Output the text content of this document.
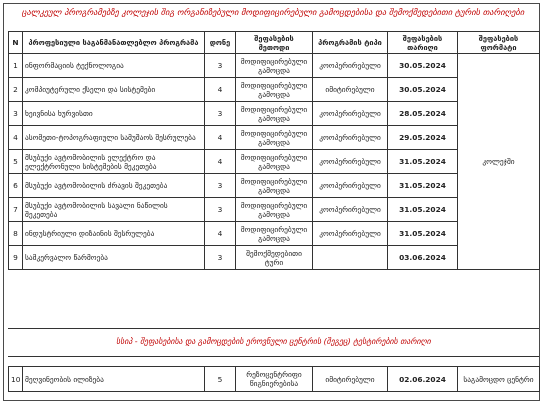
ცალკეულ პროგრამებზე კოლეჯის შიგ ორგანიზებული მოდიფიცირებული გამოცდებისა და შემოქმედებითი ტურის თარიღები
N	პროფესიული საგანმანათლებლო პროგრამა	დონე	შეფასების მეთოდი	პროგრამის ტიპი	შეფასების თარიღი	შეფასების ფორმატი
1	ინფორმაციის ტექნოლოგია	3	მოდიფიცირებული გამოცდა	კოოპერირებული	30.05.2024	კოლეჯში
2	კომპიუტერული ქსელი და სისტემები	4	მოდიფიცირებული გამოცდა	იმიტირებული	30.05.2024	
3	ხეივნისა ხურვისთი	3	მოდიფიცირებული გამოცდა	კოოპერირებული	28.05.2024	
4	ასომეთი-ტოპოგრაფიული სამუშაოს შესრულება	4	მოდიფიცირებული გამოცდა	კოოპერირებული	29.05.2024	
5	მსუბუქი ავტომობილის ელექტრო და ელექტრონული სისტემების მეკეთება	4	მოდიფიცირებული გამოცდა	კოოპერირებული	31.05.2024	
6	მსუბუქი ავტომობილის ძრავის შეკეთება	3	მოდიფიცირებული გამოცდა	კოოპერირებული	31.05.2024	
7	მსუბუქი ავტომობილის სავალი ნაწილის შეკეთება	3	მოდიფიცირებული გამოცდა	კოოპერირებული	31.05.2024	
8	ინდუსტრიული დიზაინის შესრულება	4	მოდიფიცირებული გამოცდა	კოოპერირებული	31.05.2024	
9	სამკერვალო წარმოება	3	შემოქმედებითი ტური		03.06.2024	
სსიპ - შეფასებისა და გამოცდების ეროვნული ცენტრის (შეგეც) ტესტირების თარიღი
10	მეღვინეობის ილიზება	5	რეზოცენტრიფი წიგნიერებისა	იმიტირებული	02.06.2024	საგამოცდო ცენტრი
